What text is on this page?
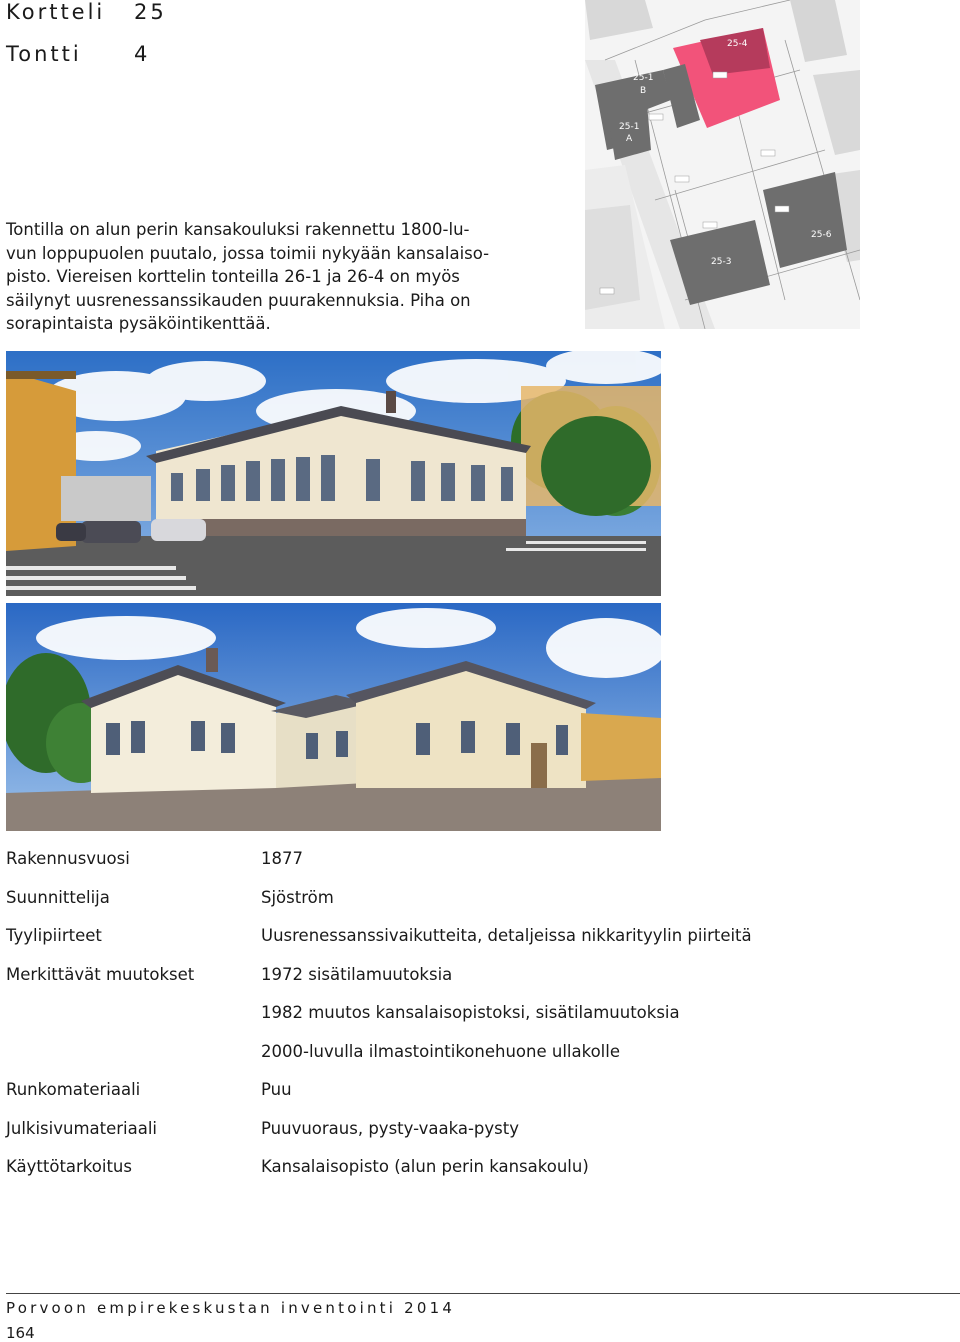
Kortteli 25
Tontti 4
Tontilla on alun perin kansakouluksi rakennettu 1800-lu-
vun loppupuolen puutalo, jossa toimii nykyään kansalaiso-
pisto. Viereisen korttelin tonteilla 26-1 ja 26-4 on myös
säilynyt uusrenessanssikauden puurakennuksia. Piha on
sorapintaista pysäköintikenttää.
25-4
25-1
B
25-1
A
25-3
25-6
Rakennusvuosi	1877
Suunnittelija	Sjöström
Tyylipiirteet	Uusrenessanssivaikutteita, detaljeissa nikkarityylin piirteitä
Merkittävät muutokset	1972 sisätilamuutoksia
1982 muutos kansalaisopistoksi, sisätilamuutoksia
2000-luvulla ilmastointikonehuone ullakolle
Runkomateriaali	Puu
Julkisivumateriaali	Puuvuoraus, pysty-vaaka-pysty
Käyttötarkoitus	Kansalaisopisto (alun perin kansakoulu)
Porvoon empirekeskustan inventointi 2014
164
